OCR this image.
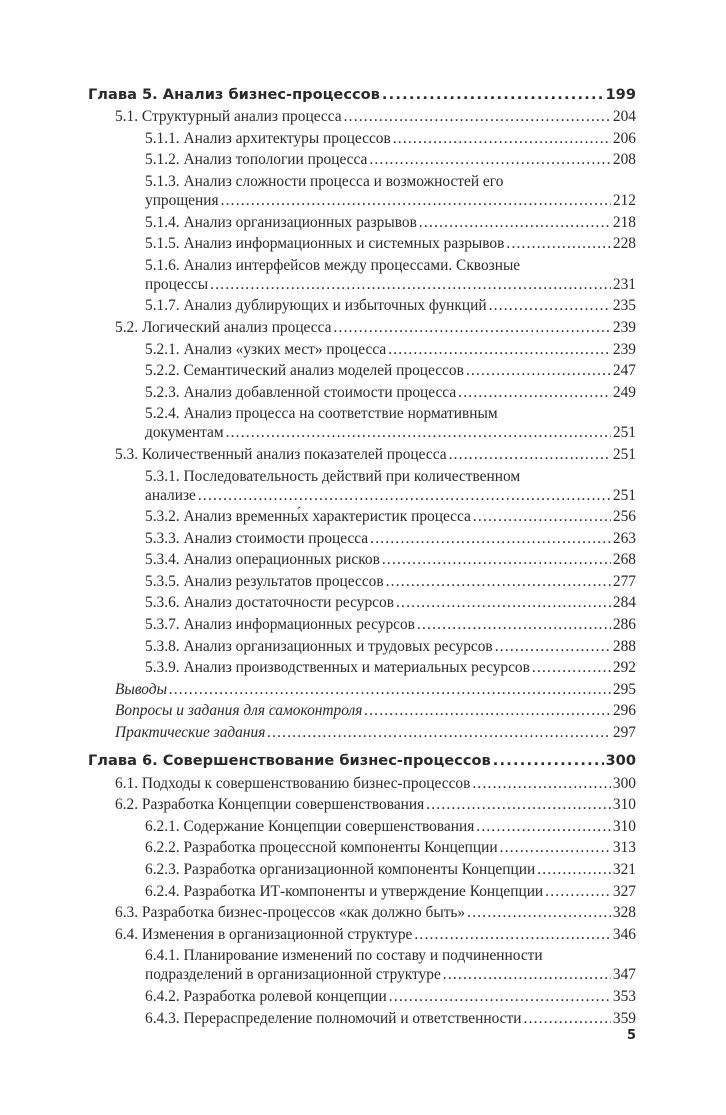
Глава 5. Анализ бизнес-процессов .....	199
5.1. Структурный анализ процесса .....	204
5.1.1. Анализ архитектуры процессов .....	206
5.1.2. Анализ топологии процесса .....	208
5.1.3. Анализ сложности процесса и возможностей его
упрощения .....	212
5.1.4. Анализ организационных разрывов .....	218
5.1.5. Анализ информационных и системных разрывов .....	228
5.1.6. Анализ интерфейсов между процессами. Сквозные
процессы .....	231
5.1.7. Анализ дублирующих и избыточных функций .....	235
5.2. Логический анализ процесса .....	239
5.2.1. Анализ «узких мест» процесса .....	239
5.2.2. Семантический анализ моделей процессов .....	247
5.2.3. Анализ добавленной стоимости процесса .....	249
5.2.4. Анализ процесса на соответствие нормативным
документам .....	251
5.3. Количественный анализ показателей процесса .....	251
5.3.1. Последовательность действий при количественном
анализе .....	251
5.3.2. Анализ временны́х характеристик процесса .....	256
5.3.3. Анализ стоимости процесса .....	263
5.3.4. Анализ операционных рисков .....	268
5.3.5. Анализ результатов процессов .....	277
5.3.6. Анализ достаточности ресурсов .....	284
5.3.7. Анализ информационных ресурсов .....	286
5.3.8. Анализ организационных и трудовых ресурсов .....	288
5.3.9. Анализ производственных и материальных ресурсов .....	292
Выводы .....	295
Вопросы и задания для самоконтроля .....	296
Практические задания .....	297
Глава 6. Совершенствование бизнес-процессов .....	300
6.1. Подходы к совершенствованию бизнес-процессов .....	300
6.2. Разработка Концепции совершенствования .....	310
6.2.1. Содержание Концепции совершенствования .....	310
6.2.2. Разработка процессной компоненты Концепции .....	313
6.2.3. Разработка организационной компоненты Концепции .....	321
6.2.4. Разработка ИТ-компоненты и утверждение Концепции .....	327
6.3. Разработка бизнес-процессов «как должно быть» .....	328
6.4. Изменения в организационной структуре .....	346
6.4.1. Планирование изменений по составу и подчиненности
подразделений в организационной структуре .....	347
6.4.2. Разработка ролевой концепции .....	353
6.4.3. Перераспределение полномочий и ответственности .....	359
5
